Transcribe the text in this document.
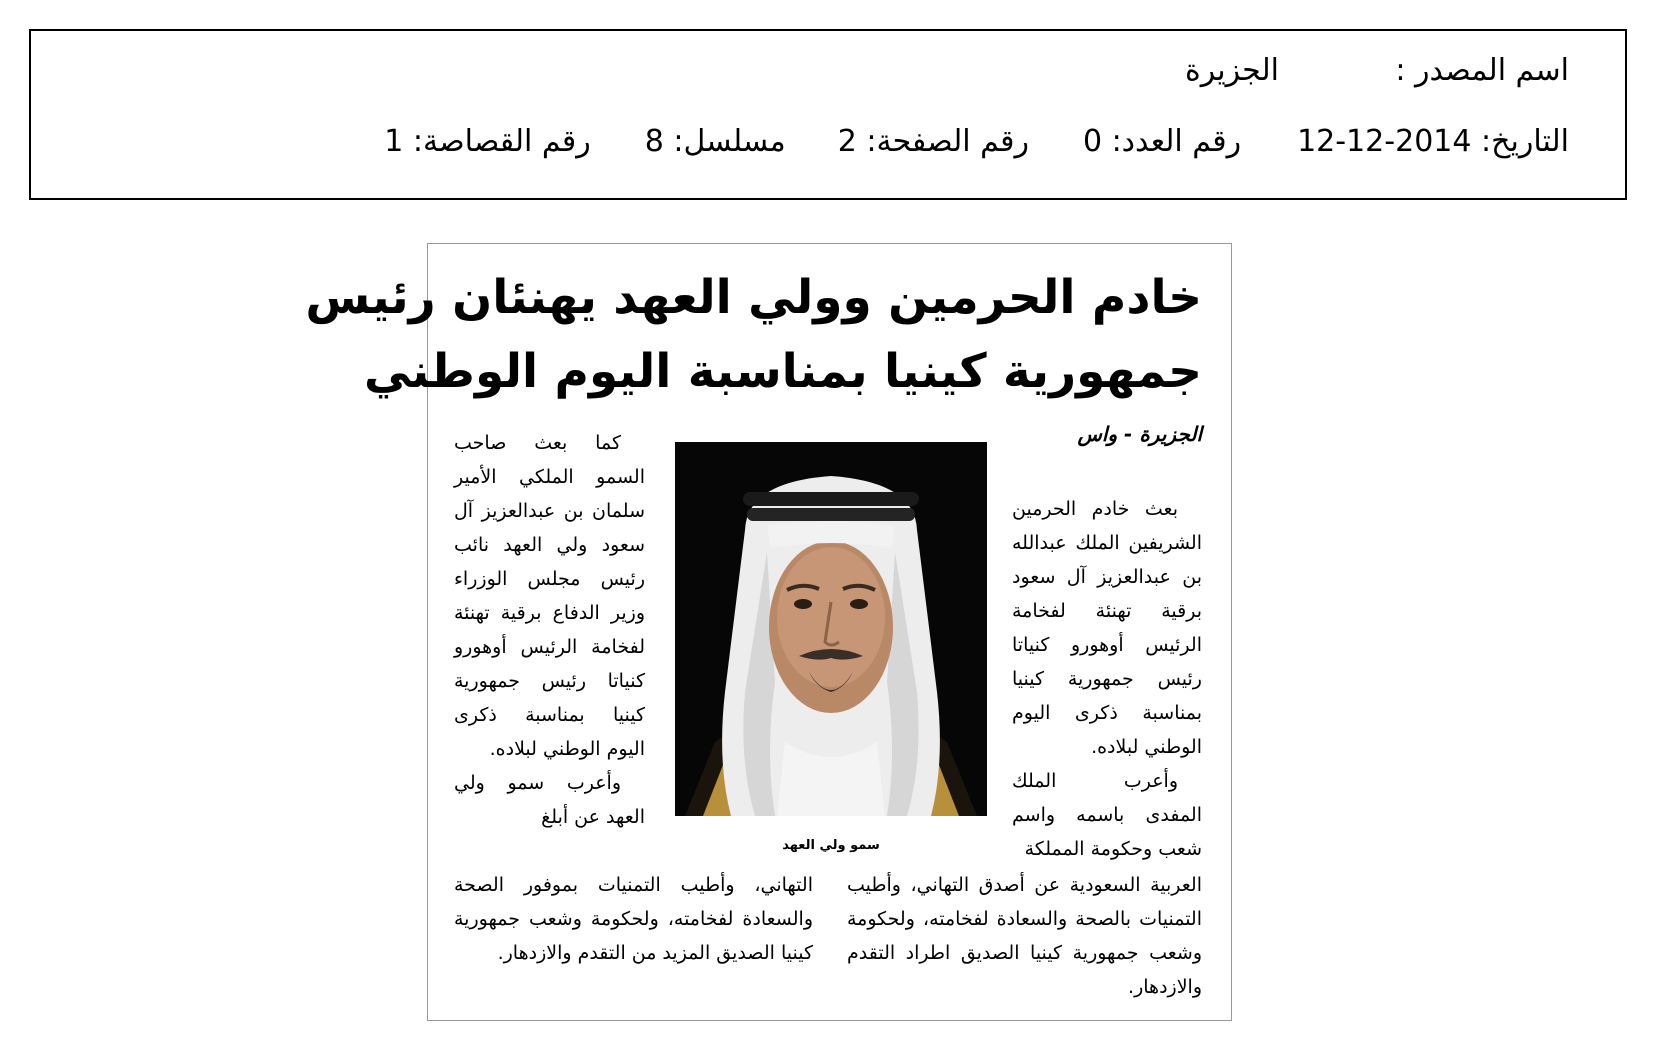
اسم المصدر :الجزيرة
التاريخ: 2014-12-12رقم العدد: 0رقم الصفحة: 2مسلسل: 8رقم القصاصة: 1
خادم الحرمين وولي العهد يهنئان رئيس
جمهورية كينيا بمناسبة اليوم الوطني
الجزيرة - واس

بعث خادم الحرمين الشريفين الملك عبدالله بن عبدالعزيز آل سعود برقية تهنئة لفخامة الرئيس أوهورو كنياتا رئيس جمهورية كينيا بمناسبة ذكرى اليوم الوطني لبلاده.

وأعرب الملك المفدى باسمه واسم شعب وحكومة المملكة

سمو ولي العهد

كما بعث صاحب السمو الملكي الأمير سلمان بن عبدالعزيز آل سعود ولي العهد نائب رئيس مجلس الوزراء وزير الدفاع برقية تهنئة لفخامة الرئيس أوهورو كنياتا رئيس جمهورية كينيا بمناسبة ذكرى اليوم الوطني لبلاده.

وأعرب سمو ولي العهد عن أبلغ

العربية السعودية عن أصدق التهاني، وأطيب التمنيات بالصحة والسعادة لفخامته، ولحكومة وشعب جمهورية كينيا الصديق اطراد التقدم والازدهار.
التهاني، وأطيب التمنيات بموفور الصحة والسعادة لفخامته، ولحكومة وشعب جمهورية كينيا الصديق المزيد من التقدم والازدهار.
